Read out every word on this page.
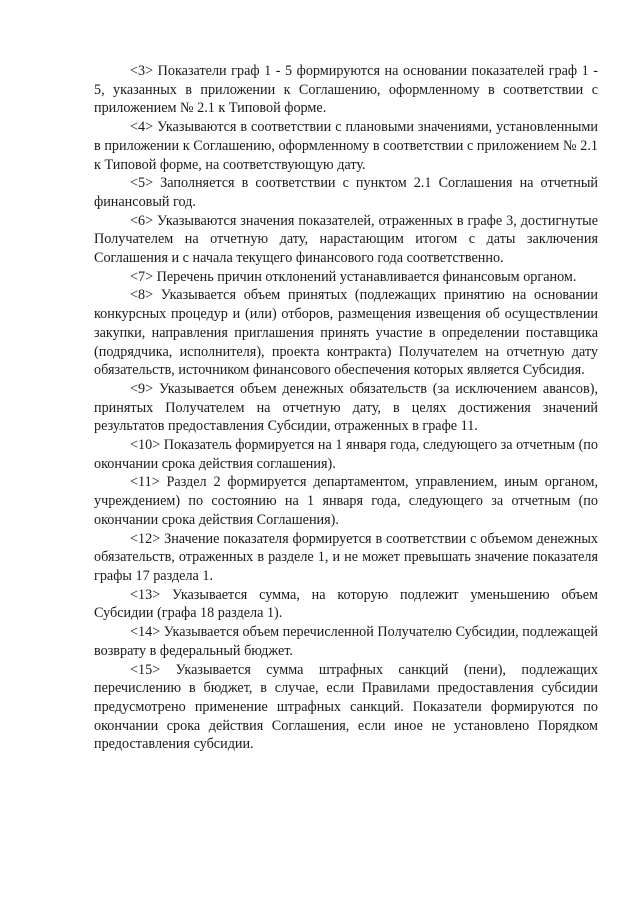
<3> Показатели граф 1 - 5 формируются на основании показателей граф 1 - 5, указанных в приложении к Соглашению, оформленному в соответствии с приложением № 2.1 к Типовой форме.

<4> Указываются в соответствии с плановыми значениями, установленными в приложении к Соглашению, оформленному в соответствии с приложением № 2.1 к Типовой форме, на соответствующую дату.

<5> Заполняется в соответствии с пунктом 2.1 Соглашения на отчетный финансовый год.

<6> Указываются значения показателей, отраженных в графе 3, достигнутые Получателем на отчетную дату, нарастающим итогом с даты заключения Соглашения и с начала текущего финансового года соответственно.

<7> Перечень причин отклонений устанавливается финансовым органом.

<8> Указывается объем принятых (подлежащих принятию на основании конкурсных процедур и (или) отборов, размещения извещения об осуществлении закупки, направления приглашения принять участие в определении поставщика (подрядчика, исполнителя), проекта контракта) Получателем на отчетную дату обязательств, источником финансового обеспечения которых является Субсидия.

<9> Указывается объем денежных обязательств (за исключением авансов), принятых Получателем на отчетную дату, в целях достижения значений результатов предоставления Субсидии, отраженных в графе 11.

<10> Показатель формируется на 1 января года, следующего за отчетным (по окончании срока действия соглашения).

<11> Раздел 2 формируется департаментом, управлением, иным органом, учреждением) по состоянию на 1 января года, следующего за отчетным (по окончании срока действия Соглашения).

<12> Значение показателя формируется в соответствии с объемом денежных обязательств, отраженных в разделе 1, и не может превышать значение показателя графы 17 раздела 1.

<13> Указывается сумма, на которую подлежит уменьшению объем Субсидии (графа 18 раздела 1).

<14> Указывается объем перечисленной Получателю Субсидии, подлежащей возврату в федеральный бюджет.

<15> Указывается сумма штрафных санкций (пени), подлежащих перечислению в бюджет, в случае, если Правилами предоставления субсидии предусмотрено применение штрафных санкций. Показатели формируются по окончании срока действия Соглашения, если иное не установлено Порядком предоставления субсидии.
